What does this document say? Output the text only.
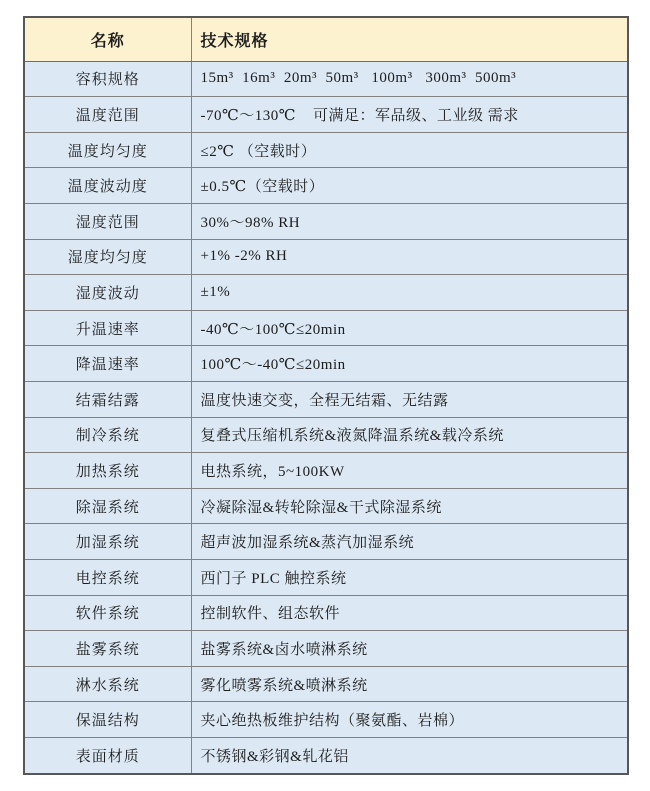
名称	技术规格
容积规格	15m³  16m³  20m³  50m³   100m³   300m³  500m³
温度范围	-70℃～130℃    可满足：军品级、工业级 需求
温度均匀度	≤2℃ （空载时）
温度波动度	±0.5℃（空载时）
湿度范围	30%～98% RH
湿度均匀度	+1% -2% RH
湿度波动	±1%
升温速率	-40℃～100℃≤20min
降温速率	100℃～-40℃≤20min
结霜结露	温度快速交变，全程无结霜、无结露
制冷系统	复叠式压缩机系统&液氮降温系统&载冷系统
加热系统	电热系统，5~100KW
除湿系统	冷凝除湿&转轮除湿&干式除湿系统
加湿系统	超声波加湿系统&蒸汽加湿系统
电控系统	西门子 PLC 触控系统
软件系统	控制软件、组态软件
盐雾系统	盐雾系统&卤水喷淋系统
淋水系统	雾化喷雾系统&喷淋系统
保温结构	夹心绝热板维护结构（聚氨酯、岩棉）
表面材质	不锈钢&彩钢&轧花铝
